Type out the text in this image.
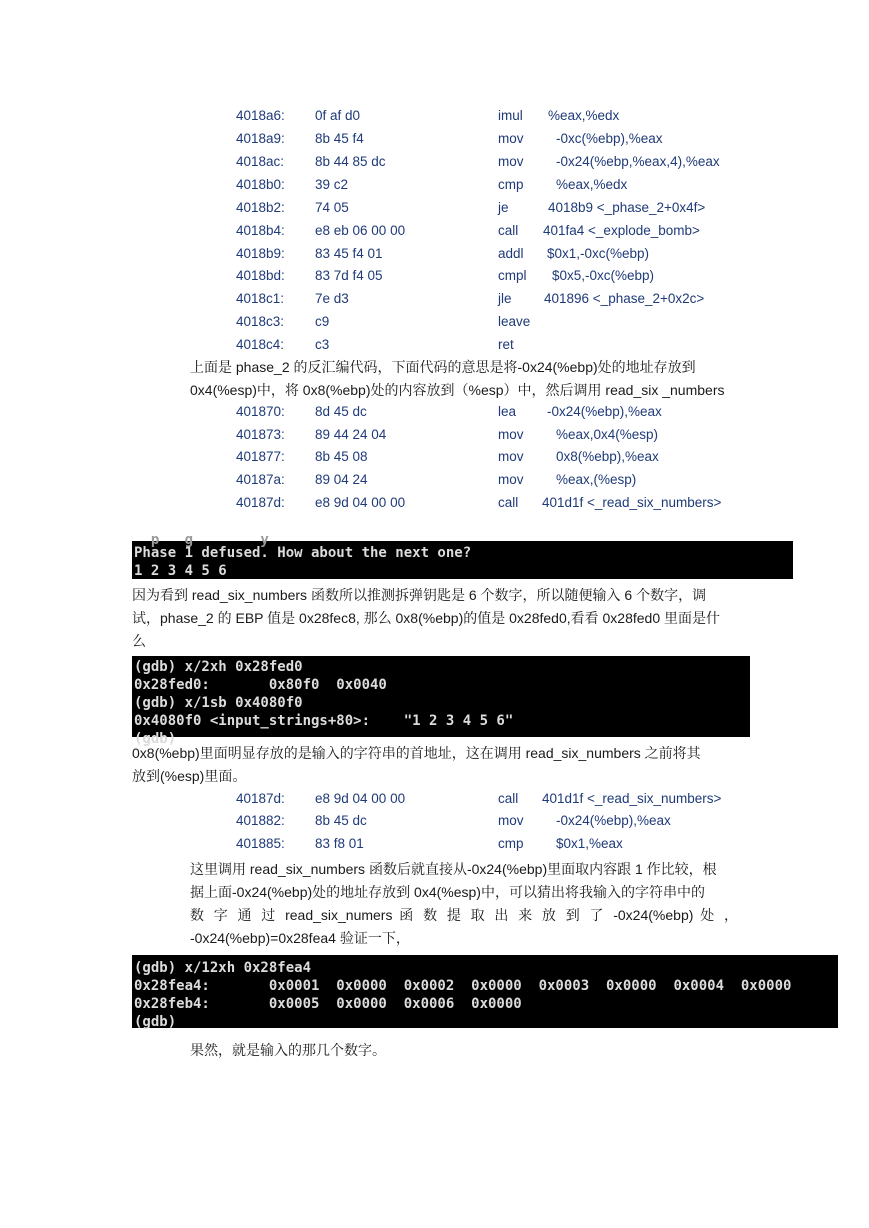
4018a6: 0f af d0	imul %eax,%edx
4018a9: 8b 45 f4	mov -0xc(%ebp),%eax
4018ac: 8b 44 85 dc	mov -0x24(%ebp,%eax,4),%eax
4018b0: 39 c2	cmp %eax,%edx
4018b2: 74 05	je	4018b9 <_phase_2+0x4f>
4018b4: e8 eb 06 00 00	call 401fa4 <_explode_bomb>
4018b9: 83 45 f4 01	addl $0x1,-0xc(%ebp)
4018bd: 83 7d f4 05	cmpl $0x5,-0xc(%ebp)
4018c1: 7e d3	jle 401896 <_phase_2+0x2c>
4018c3: c9	leave
4018c4: c3	ret
上面是 phase_2 的反汇编代码，下面代码的意思是将-0x24(%ebp)处的地址存放到
0x4(%esp)中，将 0x8(%ebp)处的内容放到（%esp）中，然后调用 read_six _numbers
401870: 8d 45 dc	lea -0x24(%ebp),%eax
401873: 89 44 24 04	mov %eax,0x4(%esp)
401877: 8b 45 08	mov 0x8(%ebp),%eax
40187a: 89 04 24	mov %eax,(%esp)
40187d: e8 9d 04 00 00	call 401d1f <_read_six_numbers>
p   g        y
Phase 1 defused. How about the next one?
1 2 3 4 5 6
因为看到 read_six_numbers 函数所以推测拆弹钥匙是 6 个数字，所以随便输入 6 个数字，调
试，phase_2 的 EBP 值是 0x28fec8, 那么 0x8(%ebp)的值是 0x28fed0,看看 0x28fed0 里面是什
么
(gdb) x/2xh 0x28fed0
0x28fed0:       0x80f0  0x0040
(gdb) x/1sb 0x4080f0
0x4080f0 <input_strings+80>:    "1 2 3 4 5 6"
(gdb)
0x8(%ebp)里面明显存放的是输入的字符串的首地址，这在调用 read_six_numbers 之前将其
放到(%esp)里面。
40187d: e8 9d 04 00 00	call 401d1f <_read_six_numbers>
401882: 8b 45 dc	mov -0x24(%ebp),%eax
401885: 83 f8 01	cmp $0x1,%eax
这里调用 read_six_numbers 函数后就直接从-0x24(%ebp)里面取内容跟 1 作比较，根
据上面-0x24(%ebp)处的地址存放到 0x4(%esp)中，可以猜出将我输入的字符串中的
数 字 通 过 read_six_numers 函 数 提 取 出 来 放 到 了 -0x24(%ebp) 处 ，
-0x24(%ebp)=0x28fea4 验证一下，
(gdb) x/12xh 0x28fea4
0x28fea4:       0x0001  0x0000  0x0002  0x0000  0x0003  0x0000  0x0004  0x0000
0x28feb4:       0x0005  0x0000  0x0006  0x0000
(gdb)
果然，就是输入的那几个数字。
